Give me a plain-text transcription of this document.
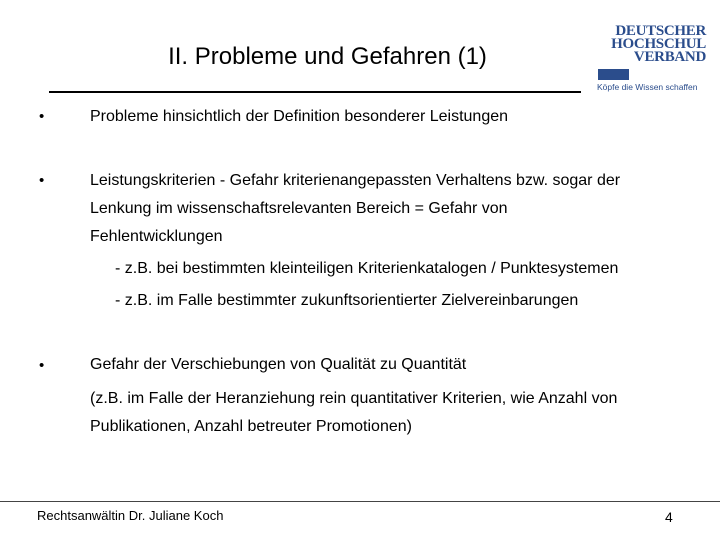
II. Probleme und Gefahren (1)
DEUTSCHER
HOCHSCHUL
VERBAND
Köpfe die Wissen schaffen
•	Probleme hinsichtlich der Definition besonderer Leistungen
•	Leistungskriterien - Gefahr kriterienangepassten Verhaltens bzw. sogar der
Lenkung im wissenschaftsrelevanten Bereich = Gefahr von
Fehlentwicklungen
- z.B. bei bestimmten kleinteiligen Kriterienkatalogen / Punktesystemen
- z.B. im Falle bestimmter zukunftsorientierter Zielvereinbarungen
•	Gefahr der Verschiebungen von Qualität zu Quantität
(z.B. im Falle der Heranziehung rein quantitativer Kriterien, wie Anzahl von
Publikationen, Anzahl betreuter Promotionen)
Rechtsanwältin Dr. Juliane Koch	4
